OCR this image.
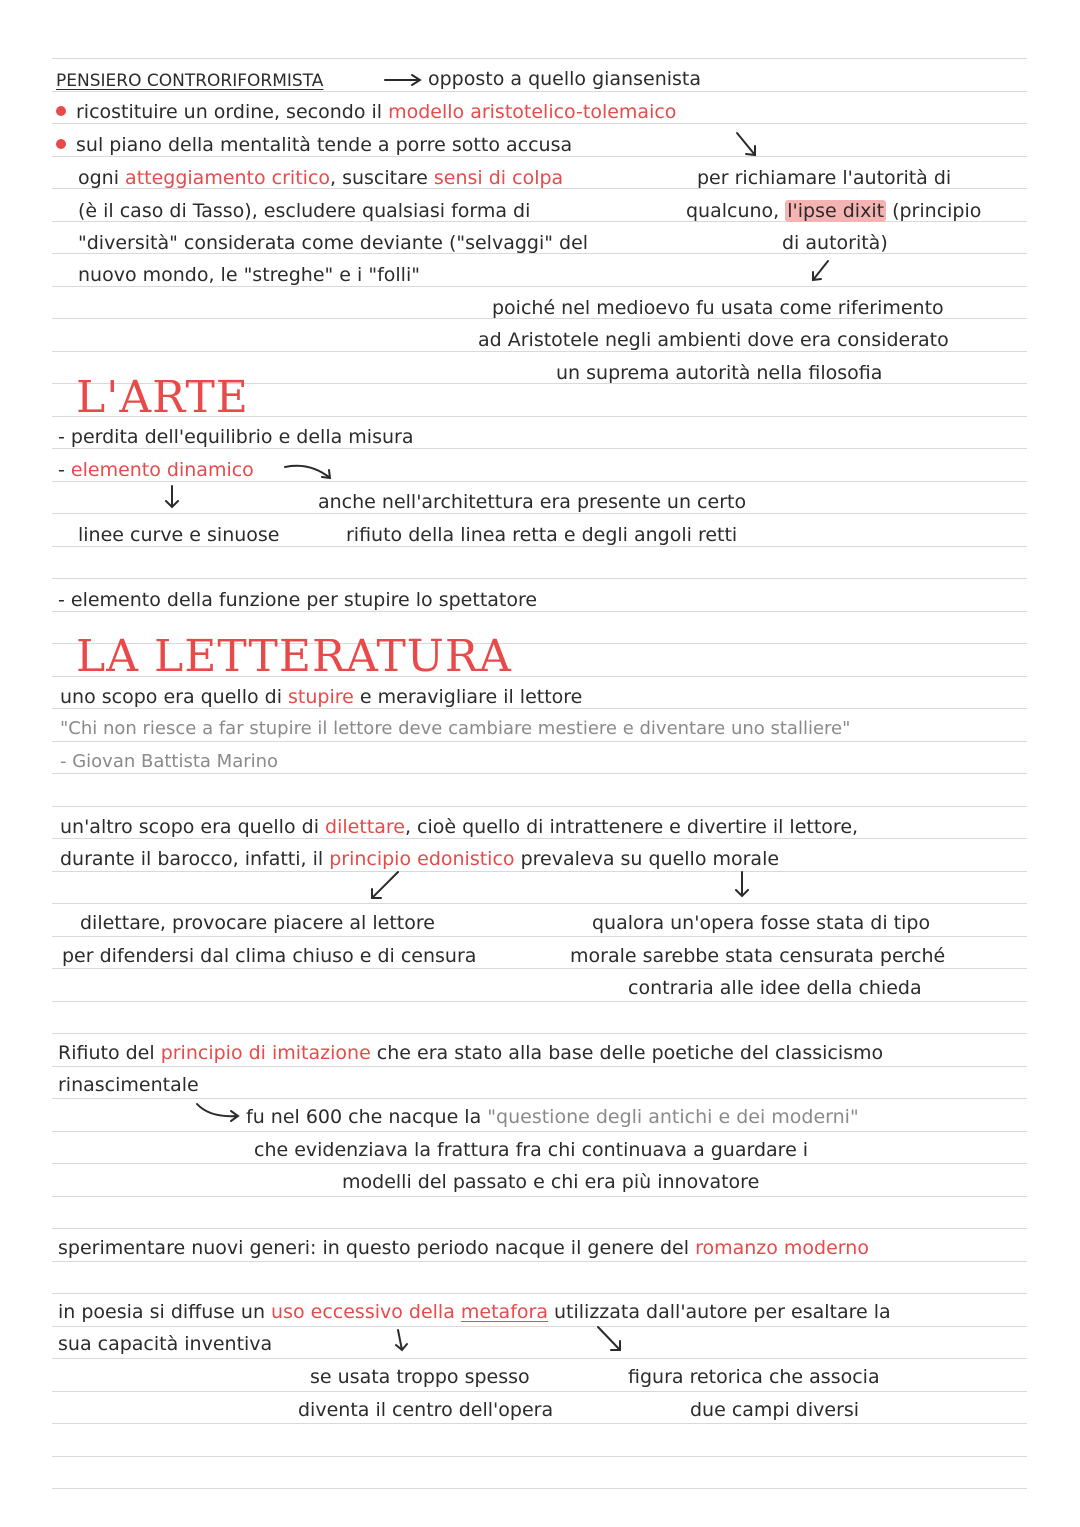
PENSIERO CONTRORIFORMISTA	opposto a quello giansenista
ricostituire un ordine, secondo il modello aristotelico-tolemaico
sul piano della mentalità tende a porre sotto accusa
ogni atteggiamento critico, suscitare sensi di colpa
(è il caso di Tasso), escludere qualsiasi forma di
"diversità" considerata come deviante ("selvaggi" del
nuovo mondo, le "streghe" e i "folli"
per richiamare l'autorità di
qualcuno, l'ipse dixit (principio
di autorità)
poiché nel medioevo fu usata come riferimento
ad Aristotele negli ambienti dove era considerato
un suprema autorità nella filosofia
L'ARTE
- perdita dell'equilibrio e della misura
- elemento dinamico
anche nell'architettura era presente un certo
linee curve e sinuose	rifiuto della linea retta e degli angoli retti
- elemento della funzione per stupire lo spettatore
LA LETTERATURA
uno scopo era quello di stupire e meravigliare il lettore
"Chi non riesce a far stupire il lettore deve cambiare mestiere e diventare uno stalliere"
- Giovan Battista Marino
un'altro scopo era quello di dilettare, cioè quello di intrattenere e divertire il lettore,
durante il barocco, infatti, il principio edonistico prevaleva su quello morale
dilettare, provocare piacere al lettore
per difendersi dal clima chiuso e di censura
qualora un'opera fosse stata di tipo
morale sarebbe stata censurata perché
contraria alle idee della chieda
Rifiuto del principio di imitazione che era stato alla base delle poetiche del classicismo
rinascimentale
fu nel 600 che nacque la "questione degli antichi e dei moderni"
che evidenziava la frattura fra chi continuava a guardare i
modelli del passato e chi era più innovatore
sperimentare nuovi generi: in questo periodo nacque il genere del romanzo moderno
in poesia si diffuse un uso eccessivo della metafora utilizzata dall'autore per esaltare la
sua capacità inventiva
se usata troppo spesso
diventa il centro dell'opera
figura retorica che associa
due campi diversi
